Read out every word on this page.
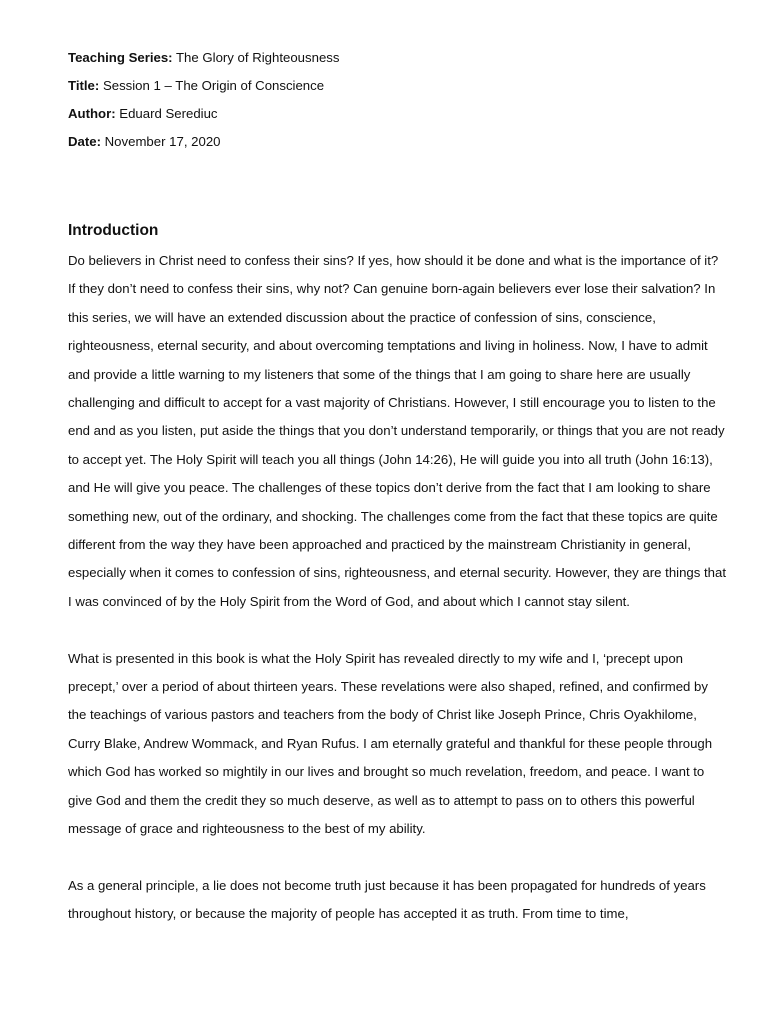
Teaching Series: The Glory of Righteousness
Title: Session 1 – The Origin of Conscience
Author: Eduard Serediuc
Date: November 17, 2020
Introduction

Do believers in Christ need to confess their sins? If yes, how should it be done and what is the importance of it? If they don’t need to confess their sins, why not? Can genuine born-again believers ever lose their salvation? In this series, we will have an extended discussion about the practice of confession of sins, conscience, righteousness, eternal security, and about overcoming temptations and living in holiness. Now, I have to admit and provide a little warning to my listeners that some of the things that I am going to share here are usually challenging and difficult to accept for a vast majority of Christians. However, I still encourage you to listen to the end and as you listen, put aside the things that you don’t understand temporarily, or things that you are not ready to accept yet. The Holy Spirit will teach you all things (John 14:26), He will guide you into all truth (John 16:13), and He will give you peace. The challenges of these topics don’t derive from the fact that I am looking to share something new, out of the ordinary, and shocking. The challenges come from the fact that these topics are quite different from the way they have been approached and practiced by the mainstream Christianity in general, especially when it comes to confession of sins, righteousness, and eternal security. However, they are things that I was convinced of by the Holy Spirit from the Word of God, and about which I cannot stay silent.

What is presented in this book is what the Holy Spirit has revealed directly to my wife and I, ‘precept upon precept,’ over a period of about thirteen years. These revelations were also shaped, refined, and confirmed by the teachings of various pastors and teachers from the body of Christ like Joseph Prince, Chris Oyakhilome, Curry Blake, Andrew Wommack, and Ryan Rufus. I am eternally grateful and thankful for these people through which God has worked so mightily in our lives and brought so much revelation, freedom, and peace. I want to give God and them the credit they so much deserve, as well as to attempt to pass on to others this powerful message of grace and righteousness to the best of my ability.

As a general principle, a lie does not become truth just because it has been propagated for hundreds of years throughout history, or because the majority of people has accepted it as truth. From time to time,
